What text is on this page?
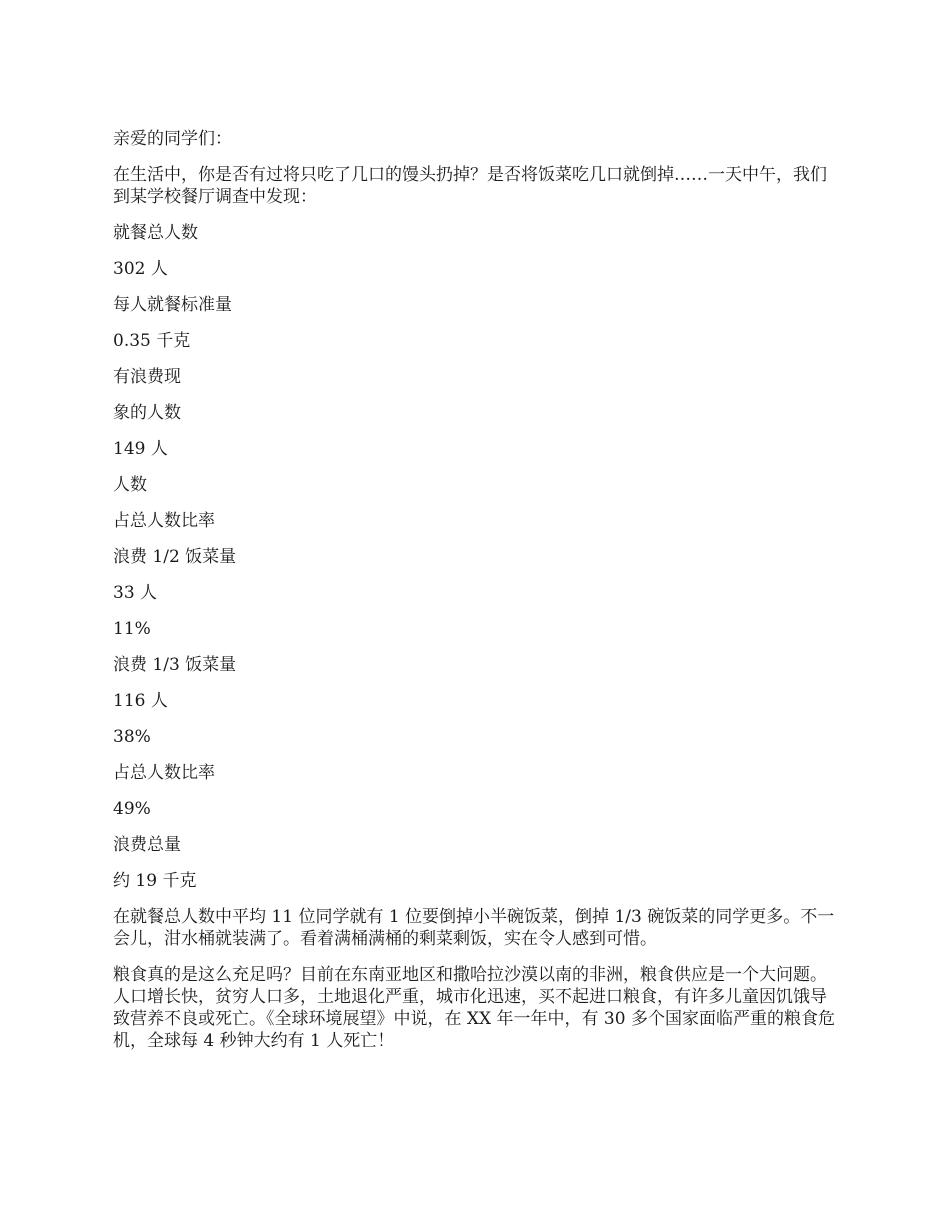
亲爱的同学们：

在生活中，你是否有过将只吃了几口的馒头扔掉？是否将饭菜吃几口就倒掉……一天中午，我们到某学校餐厅调查中发现：

就餐总人数

302 人

每人就餐标准量

0.35 千克

有浪费现

象的人数

149 人

人数

占总人数比率

浪费 1/2 饭菜量

33 人

11%

浪费 1/3 饭菜量

116 人

38%

占总人数比率

49%

浪费总量

约 19 千克

在就餐总人数中平均 11 位同学就有 1 位要倒掉小半碗饭菜，倒掉 1/3 碗饭菜的同学更多。不一会儿，泔水桶就装满了。看着满桶满桶的剩菜剩饭，实在令人感到可惜。

粮食真的是这么充足吗？目前在东南亚地区和撒哈拉沙漠以南的非洲，粮食供应是一个大问题。人口增长快，贫穷人口多，土地退化严重，城市化迅速，买不起进口粮食，有许多儿童因饥饿导致营养不良或死亡。《全球环境展望》中说，在 XX 年一年中，有 30 多个国家面临严重的粮食危机，全球每 4 秒钟大约有 1 人死亡！
